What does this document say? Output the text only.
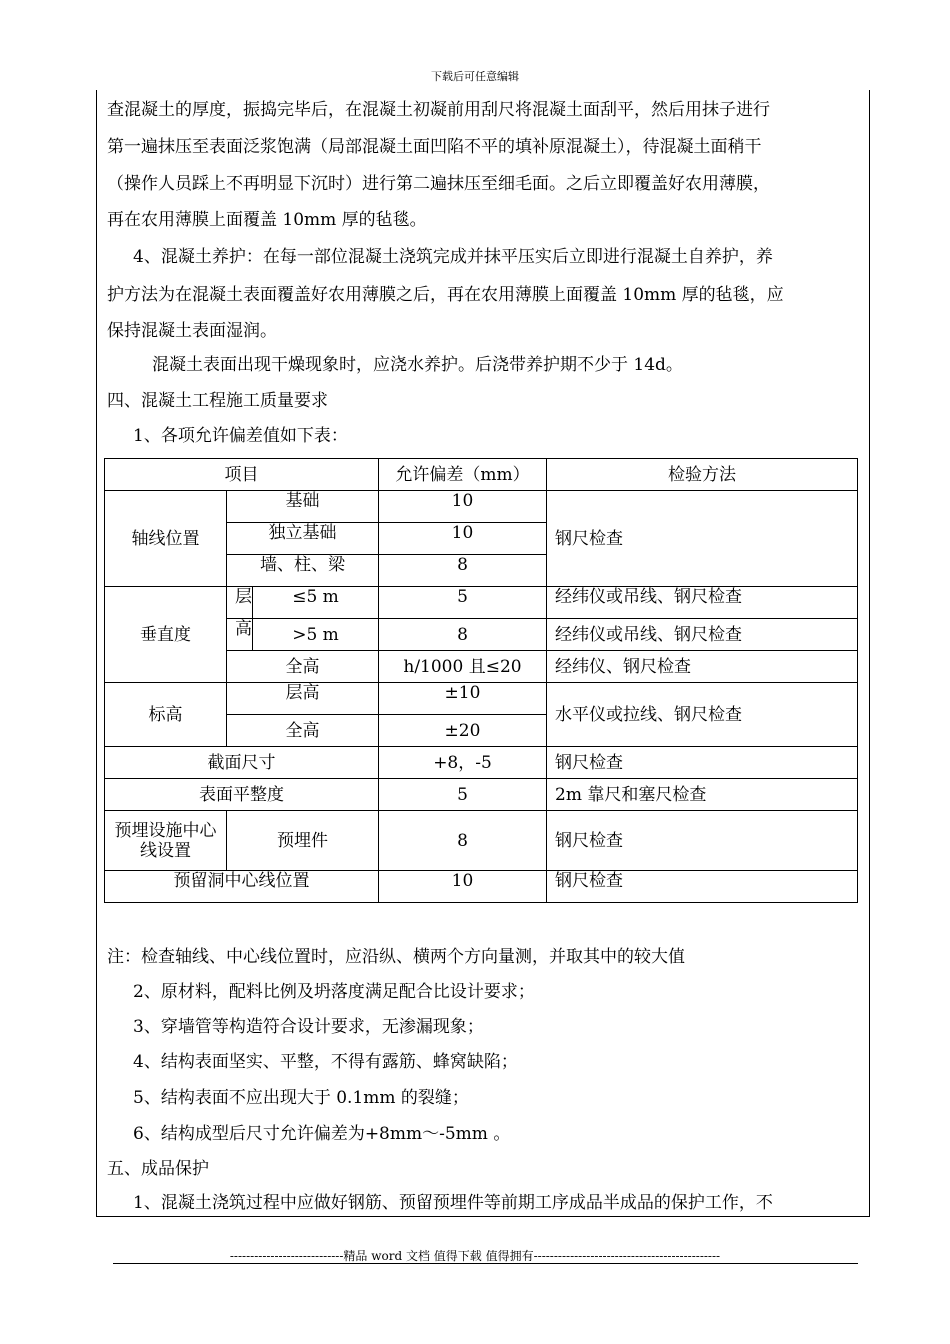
下载后可任意编辑
查混凝土的厚度，振捣完毕后，在混凝土初凝前用刮尺将混凝土面刮平，然后用抹子进行
第一遍抹压至表面泛浆饱满（局部混凝土面凹陷不平的填补原混凝土），待混凝土面稍干
（操作人员踩上不再明显下沉时）进行第二遍抹压至细毛面。之后立即覆盖好农用薄膜，
再在农用薄膜上面覆盖 10mm 厚的毡毯。
4、混凝土养护：在每一部位混凝土浇筑完成并抹平压实后立即进行混凝土自养护，养
护方法为在混凝土表面覆盖好农用薄膜之后，再在农用薄膜上面覆盖 10mm 厚的毡毯，应
保持混凝土表面湿润。
混凝土表面出现干燥现象时，应浇水养护。后浇带养护期不少于 14d。
四、混凝土工程施工质量要求
1、各项允许偏差值如下表：
项目			允许偏差（mm）	检验方法
轴线位置	基础		10	钢尺检查
	独立基础		10	
	墙、柱、梁		8	
垂直度	层	≤5 m	5	经纬仪或吊线、钢尺检查
	高	>5 m	8	经纬仪或吊线、钢尺检查
	全高		h/1000 且≤20	经纬仪、钢尺检查
标高	层高		±10	水平仪或拉线、钢尺检查
	全高		±20	
截面尺寸			+8，-5	钢尺检查
表面平整度			5	2m 靠尺和塞尺检查
预埋设施中心线设置	预埋件		8	钢尺检查
预留洞中心线位置			10	钢尺检查
注：检查轴线、中心线位置时，应沿纵、横两个方向量测，并取其中的较大值
2、原材料，配料比例及坍落度满足配合比设计要求；
3、穿墙管等构造符合设计要求，无渗漏现象；
4、结构表面坚实、平整，不得有露筋、蜂窝缺陷；
5、结构表面不应出现大于 0.1mm 的裂缝；
6、结构成型后尺寸允许偏差为+8mm～-5mm 。
五、成品保护
1、混凝土浇筑过程中应做好钢筋、预留预埋件等前期工序成品半成品的保护工作，不
----------------------------精品 word 文档 值得下载 值得拥有----------------------------------------------
